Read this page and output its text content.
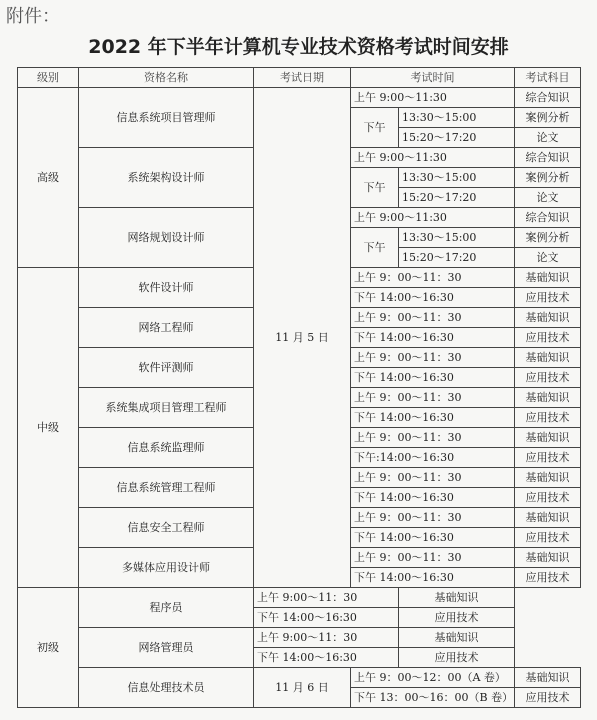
附件：
2022 年下半年计算机专业技术资格考试时间安排
级别	资格名称	考试日期	考试时间		考试科目
高级	信息系统项目管理师	11 月 5 日	上午 9:00～11:30		综合知识
			下午	13:30～15:00	案例分析
				15:20～17:20	论文
	系统架构设计师		上午 9:00～11:30		综合知识
			下午	13:30～15:00	案例分析
				15:20～17:20	论文
	网络规划设计师		上午 9:00～11:30		综合知识
			下午	13:30～15:00	案例分析
				15:20～17:20	论文
中级	软件设计师		上午 9：00～11：30		基础知识
			下午 14:00～16:30		应用技术
	网络工程师		上午 9：00～11：30		基础知识
			下午 14:00～16:30		应用技术
	软件评测师		上午 9：00～11：30		基础知识
			下午 14:00～16:30		应用技术
	系统集成项目管理工程师		上午 9：00～11：30		基础知识
			下午 14:00～16:30		应用技术
	信息系统监理师		上午 9：00～11：30		基础知识
			下午:14:00～16:30		应用技术
	信息系统管理工程师		上午 9：00～11：30		基础知识
			下午 14:00～16:30		应用技术
	信息安全工程师		上午 9：00～11：30		基础知识
			下午 14:00～16:30		应用技术
	多媒体应用设计师		上午 9：00～11：30		基础知识
			下午 14:00～16:30		应用技术
初级	程序员	上午 9:00～11：30		基础知识	
		下午 14:00～16:30		应用技术	
	网络管理员	上午 9:00～11：30		基础知识	
		下午 14:00～16:30		应用技术	
	信息处理技术员	11 月 6 日	上午 9：00～12：00（A 卷）		基础知识
			下午 13：00～16：00（B 卷）		应用技术
